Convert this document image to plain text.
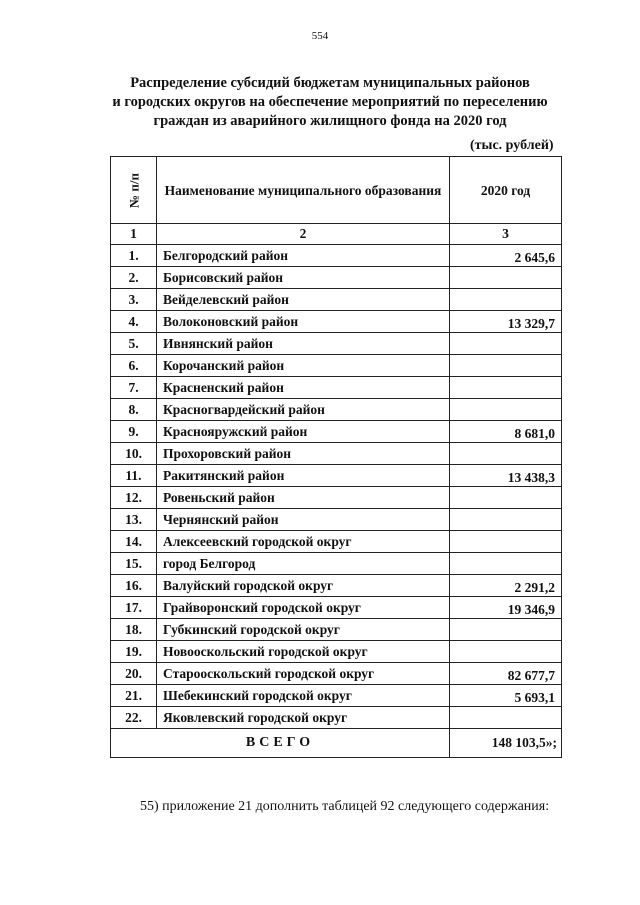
554
Распределение субсидий бюджетам муниципальных районов
и городских округов на обеспечение мероприятий по переселению
граждан из аварийного жилищного фонда на 2020 год
(тыс. рублей)
№ п/п	Наименование муниципального образования	2020 год
1	2	3
1.	Белгородский район	2 645,6
2.	Борисовский район	
3.	Вейделевский район	
4.	Волоконовский район	13 329,7
5.	Ивнянский район	
6.	Корочанский район	
7.	Красненский район	
8.	Красногвардейский район	
9.	Краснояружский район	8 681,0
10.	Прохоровский район	
11.	Ракитянский район	13 438,3
12.	Ровеньский район	
13.	Чернянский район	
14.	Алексеевский городской округ	
15.	город Белгород	
16.	Валуйский городской округ	2 291,2
17.	Грайворонский городской округ	19 346,9
18.	Губкинский городской округ	
19.	Новооскольский городской округ	
20.	Старооскольский городской округ	82 677,7
21.	Шебекинский городской округ	5 693,1
22.	Яковлевский городской округ	
ВСЕГО		148 103,5»;
55) приложение 21 дополнить таблицей 92 следующего содержания:
